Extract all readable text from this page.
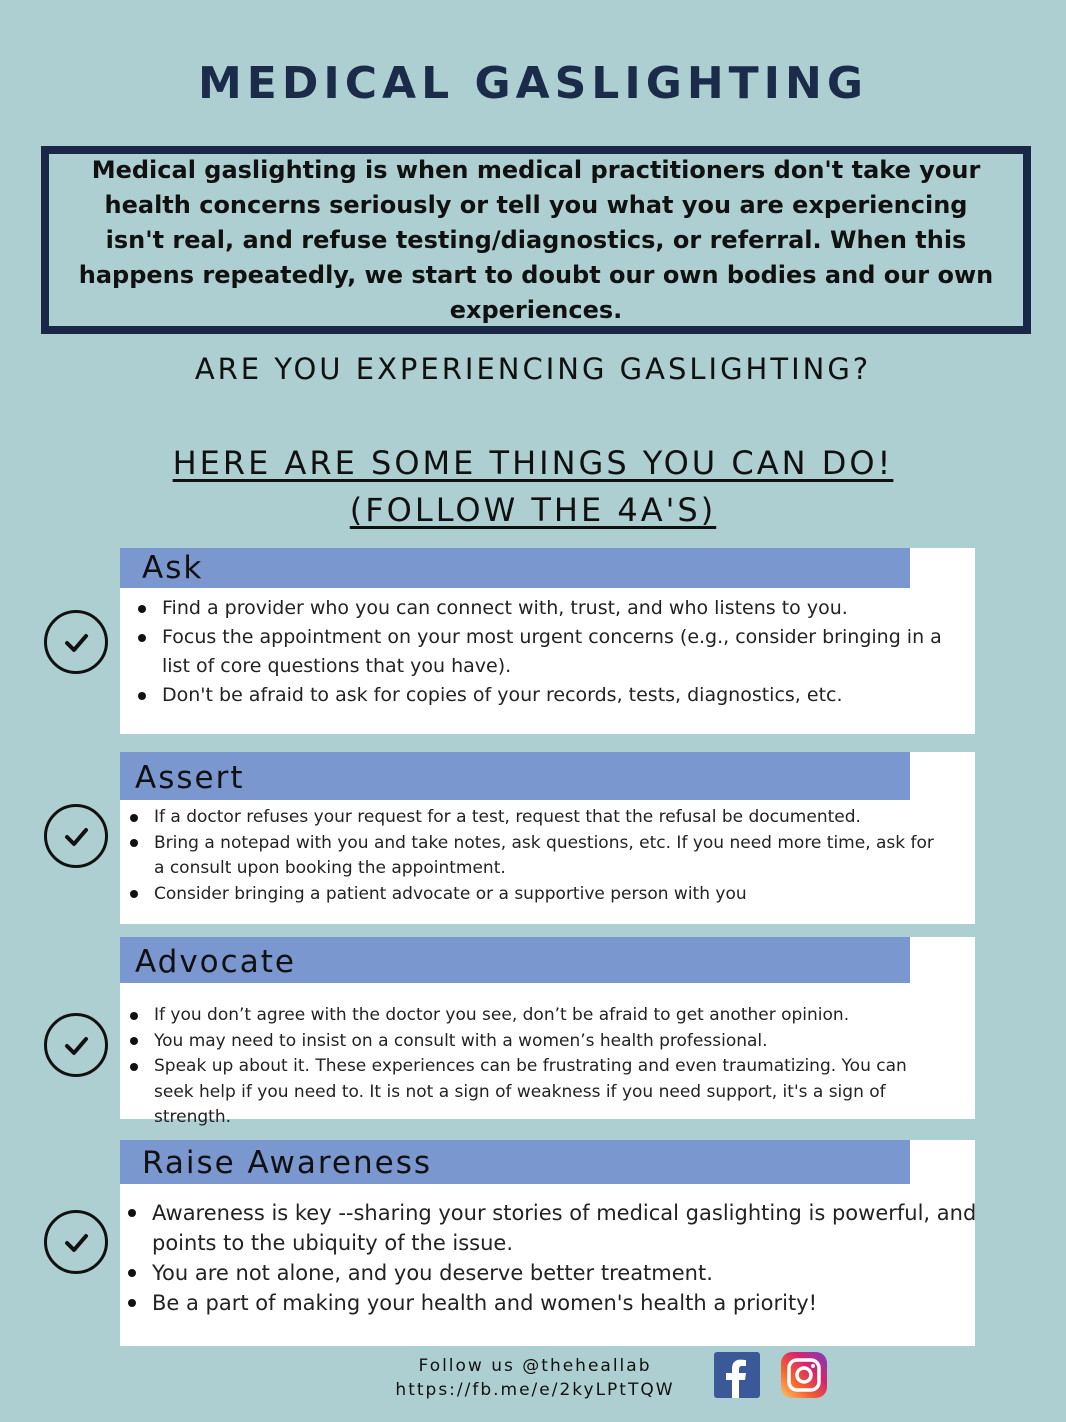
MEDICAL GASLIGHTING
Medical gaslighting is when medical practitioners don't take your health concerns seriously or tell you what you are experiencing isn't real, and refuse testing/diagnostics, or referral. When this happens repeatedly, we start to doubt our own bodies and our own experiences.
ARE YOU EXPERIENCING GASLIGHTING?
HERE ARE SOME THINGS YOU CAN DO!
(FOLLOW THE 4A'S)
Ask
Find a provider who you can connect with, trust, and who listens to you.
Focus the appointment on your most urgent concerns (e.g., consider bringing in a list of core questions that you have).
Don't be afraid to ask for copies of your records, tests, diagnostics, etc.
Assert
If a doctor refuses your request for a test, request that the refusal be documented.
Bring a notepad with you and take notes, ask questions, etc. If you need more time, ask for a consult upon booking the appointment.
Consider bringing a patient advocate or a supportive person with you
Advocate
If you don’t agree with the doctor you see, don’t be afraid to get another opinion.
You may need to insist on a consult with a women’s health professional.
Speak up about it. These experiences can be frustrating and even traumatizing. You can seek help if you need to. It is not a sign of weakness if you need support, it's a sign of strength.
Raise Awareness
Awareness is key --sharing your stories of medical gaslighting is powerful, and points to the ubiquity of the issue.
You are not alone, and you deserve better treatment.
Be a part of making your health and women's health a priority!
Follow us @theheallab
https://fb.me/e/2kyLPtTQW
